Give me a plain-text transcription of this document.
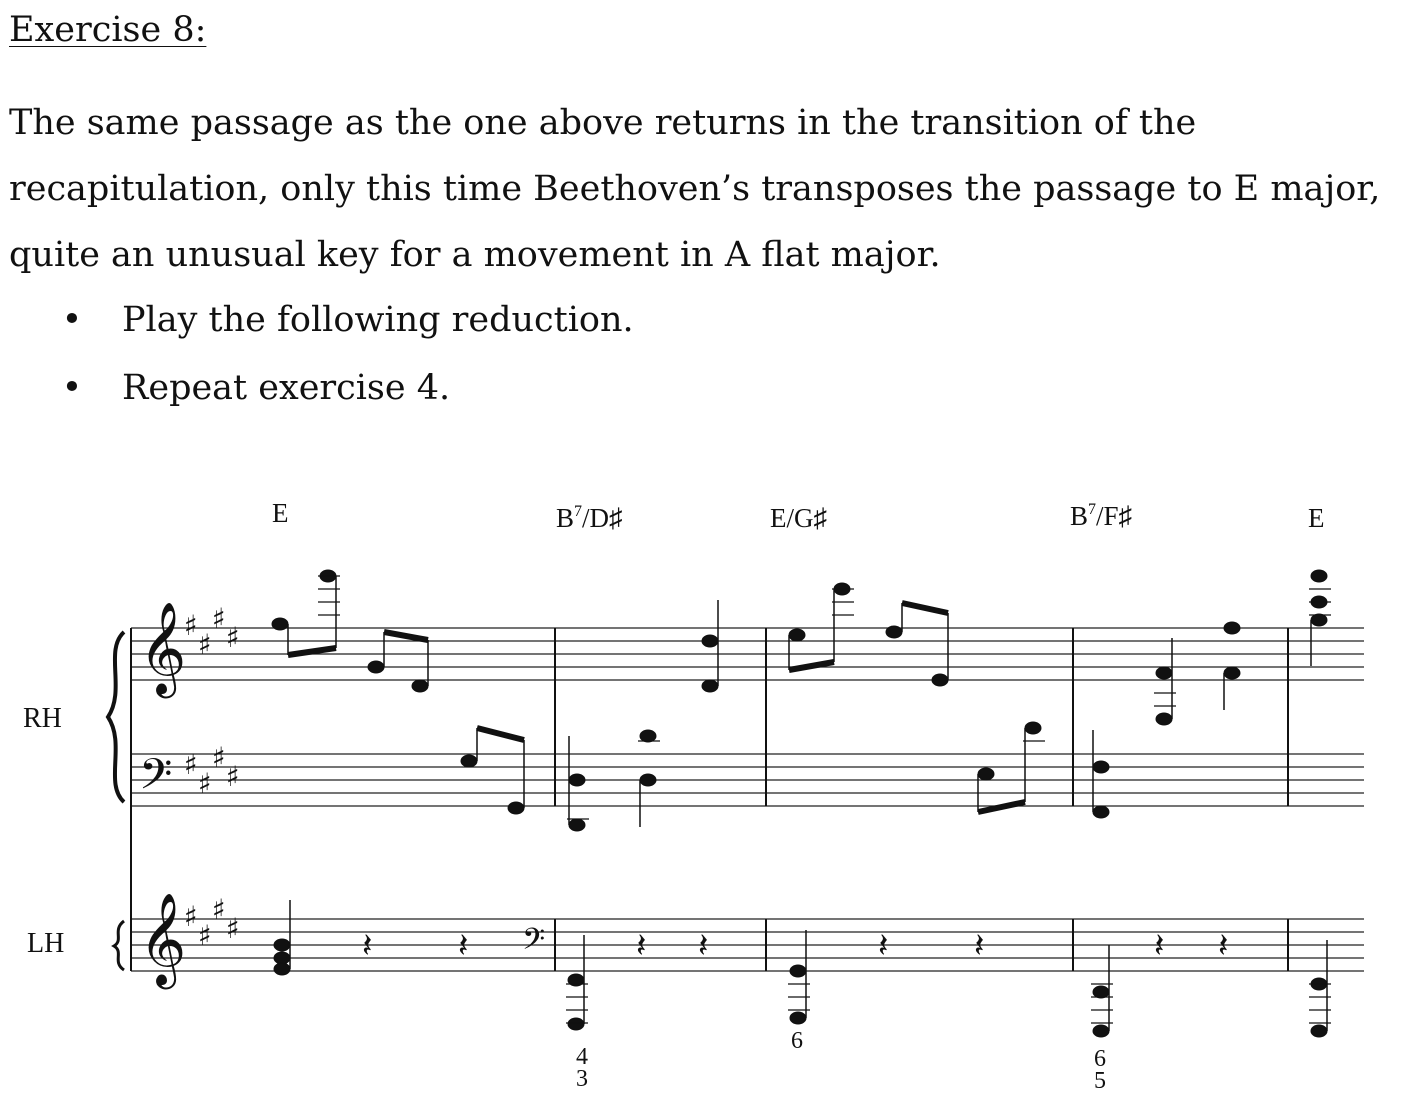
Exercise 8:

The same passage as the one above returns in the transition of the recapitulation, only this time Beethoven’s transposes the passage to E major, quite an unusual key for a movement in A flat major.

• Play the following reduction.
• Repeat exercise 4.
E	$B^7/D♯$	E/G♯	$B^7/F♯$	E
RH
LH
𝄞
𝄢
𝄞	𝄢
♯
♯
♯
♯
♯
♯
♯
♯
♯
♯
♯
♯	𝄽	𝄽	𝄽 𝄽	𝄽	𝄽	𝄽 𝄽
4
3
6
6
5
